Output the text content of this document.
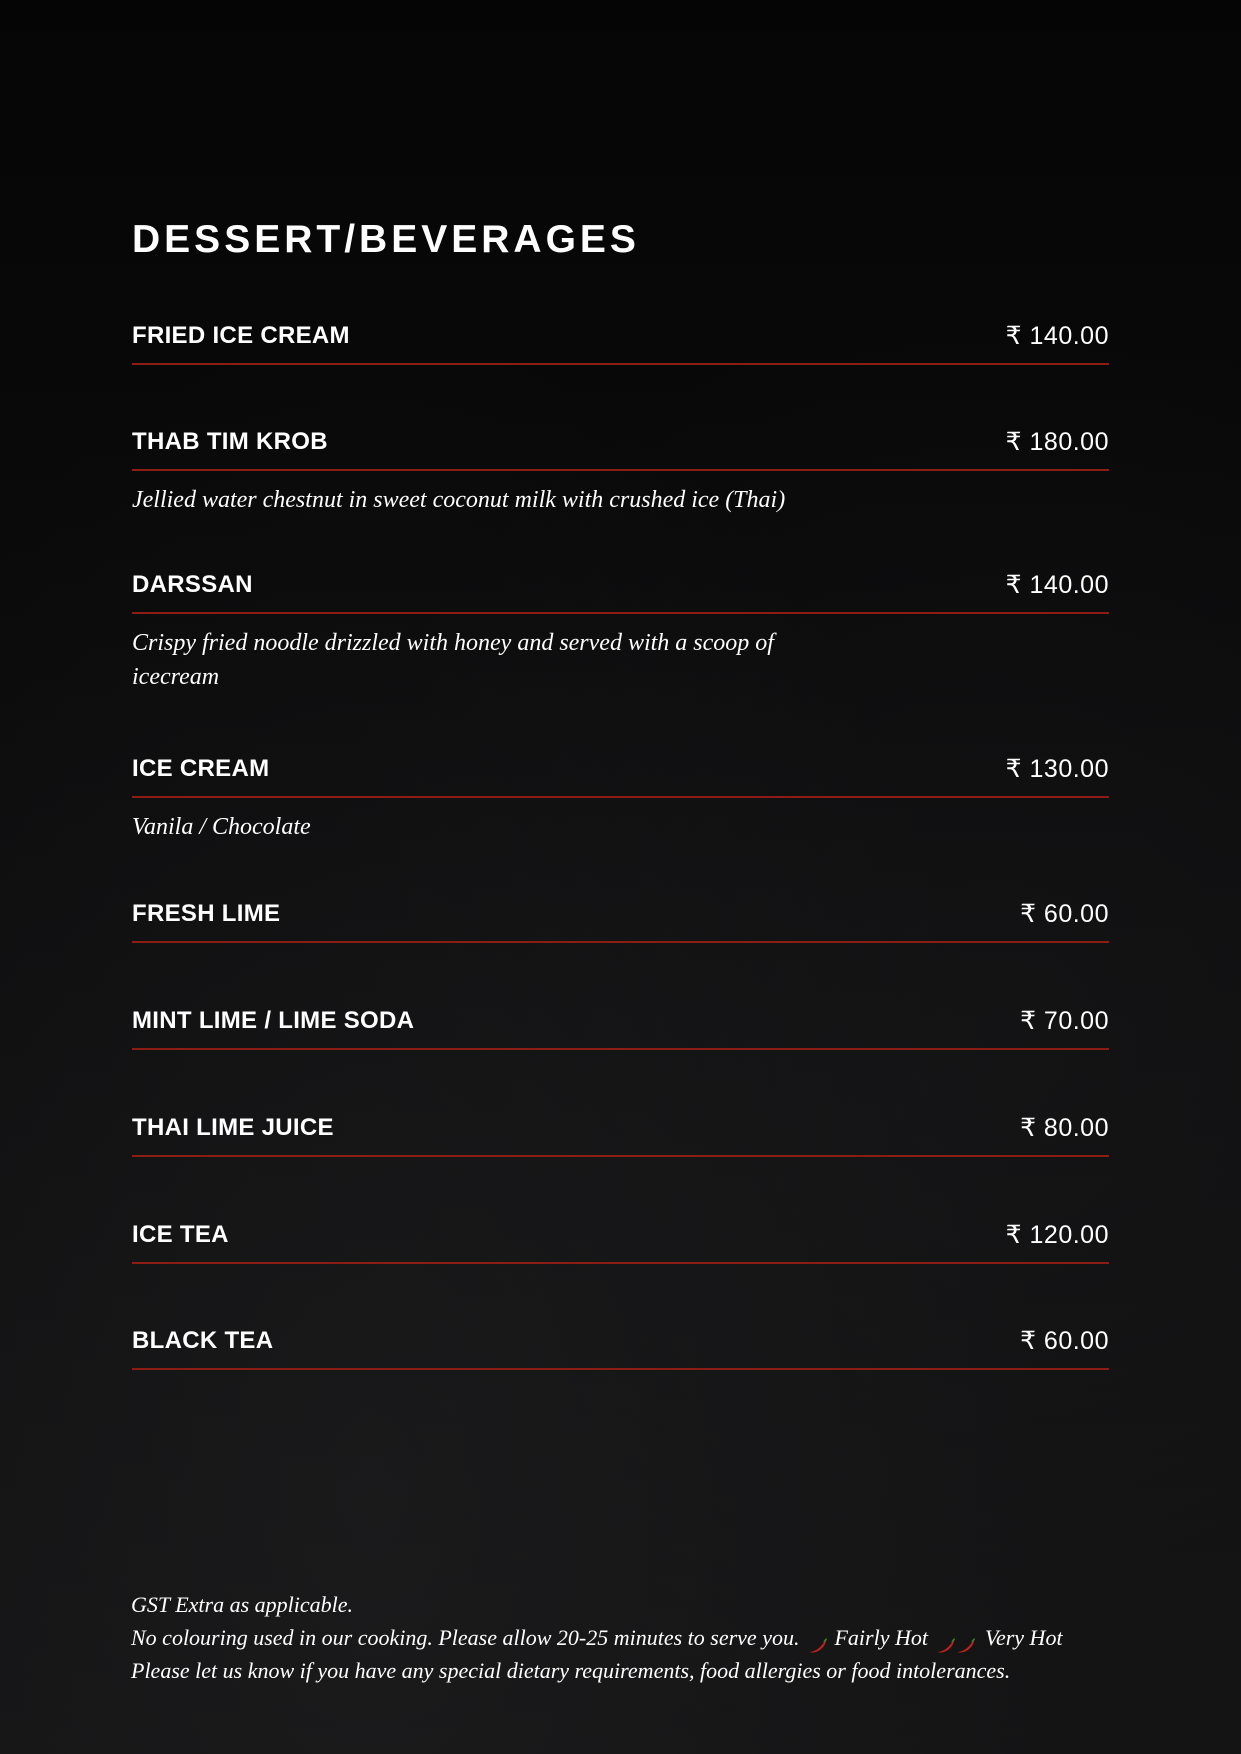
DESSERT/BEVERAGES
FRIED ICE CREAM	₹ 140.00
THAB TIM KROB	₹ 180.00
Jellied water chestnut in sweet coconut milk with crushed ice (Thai)
DARSSAN	₹ 140.00
Crispy fried noodle drizzled with honey and served with a scoop of icecream
ICE CREAM	₹ 130.00
Vanila / Chocolate
FRESH LIME	₹ 60.00
MINT LIME / LIME SODA	₹ 70.00
THAI LIME JUICE	₹ 80.00
ICE TEA	₹ 120.00
BLACK TEA	₹ 60.00
GST Extra as applicable.
No colouring used in our cooking. Please allow 20-25 minutes to serve you. Fairly Hot	Very Hot
Please let us know if you have any special dietary requirements, food allergies or food intolerances.
